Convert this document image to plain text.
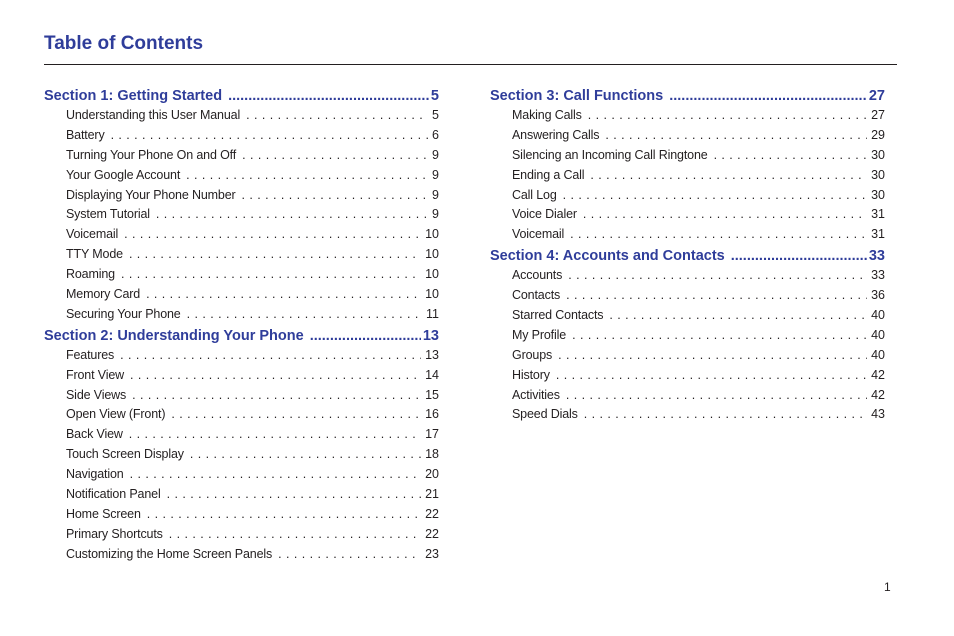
Table of Contents
Section 1: Getting Started .....	5
Understanding this User Manual .....	5
Battery .....	6
Turning Your Phone On and Off .....	9
Your Google Account .....	9
Displaying Your Phone Number .....	9
System Tutorial .....	9
Voicemail .....	10
TTY Mode .....	10
Roaming .....	10
Memory Card .....	10
Securing Your Phone .....	11
Section 2: Understanding Your Phone .....	13
Features .....	13
Front View .....	14
Side Views .....	15
Open View (Front) .....	16
Back View .....	17
Touch Screen Display .....	18
Navigation .....	20
Notification Panel .....	21
Home Screen .....	22
Primary Shortcuts .....	22
Customizing the Home Screen Panels .....	23
Section 3: Call Functions .....	27
Making Calls .....	27
Answering Calls .....	29
Silencing an Incoming Call Ringtone .....	30
Ending a Call .....	30
Call Log .....	30
Voice Dialer .....	31
Voicemail .....	31
Section 4: Accounts and Contacts .....	33
Accounts .....	33
Contacts .....	36
Starred Contacts .....	40
My Profile .....	40
Groups .....	40
History .....	42
Activities .....	42
Speed Dials .....	43
1
